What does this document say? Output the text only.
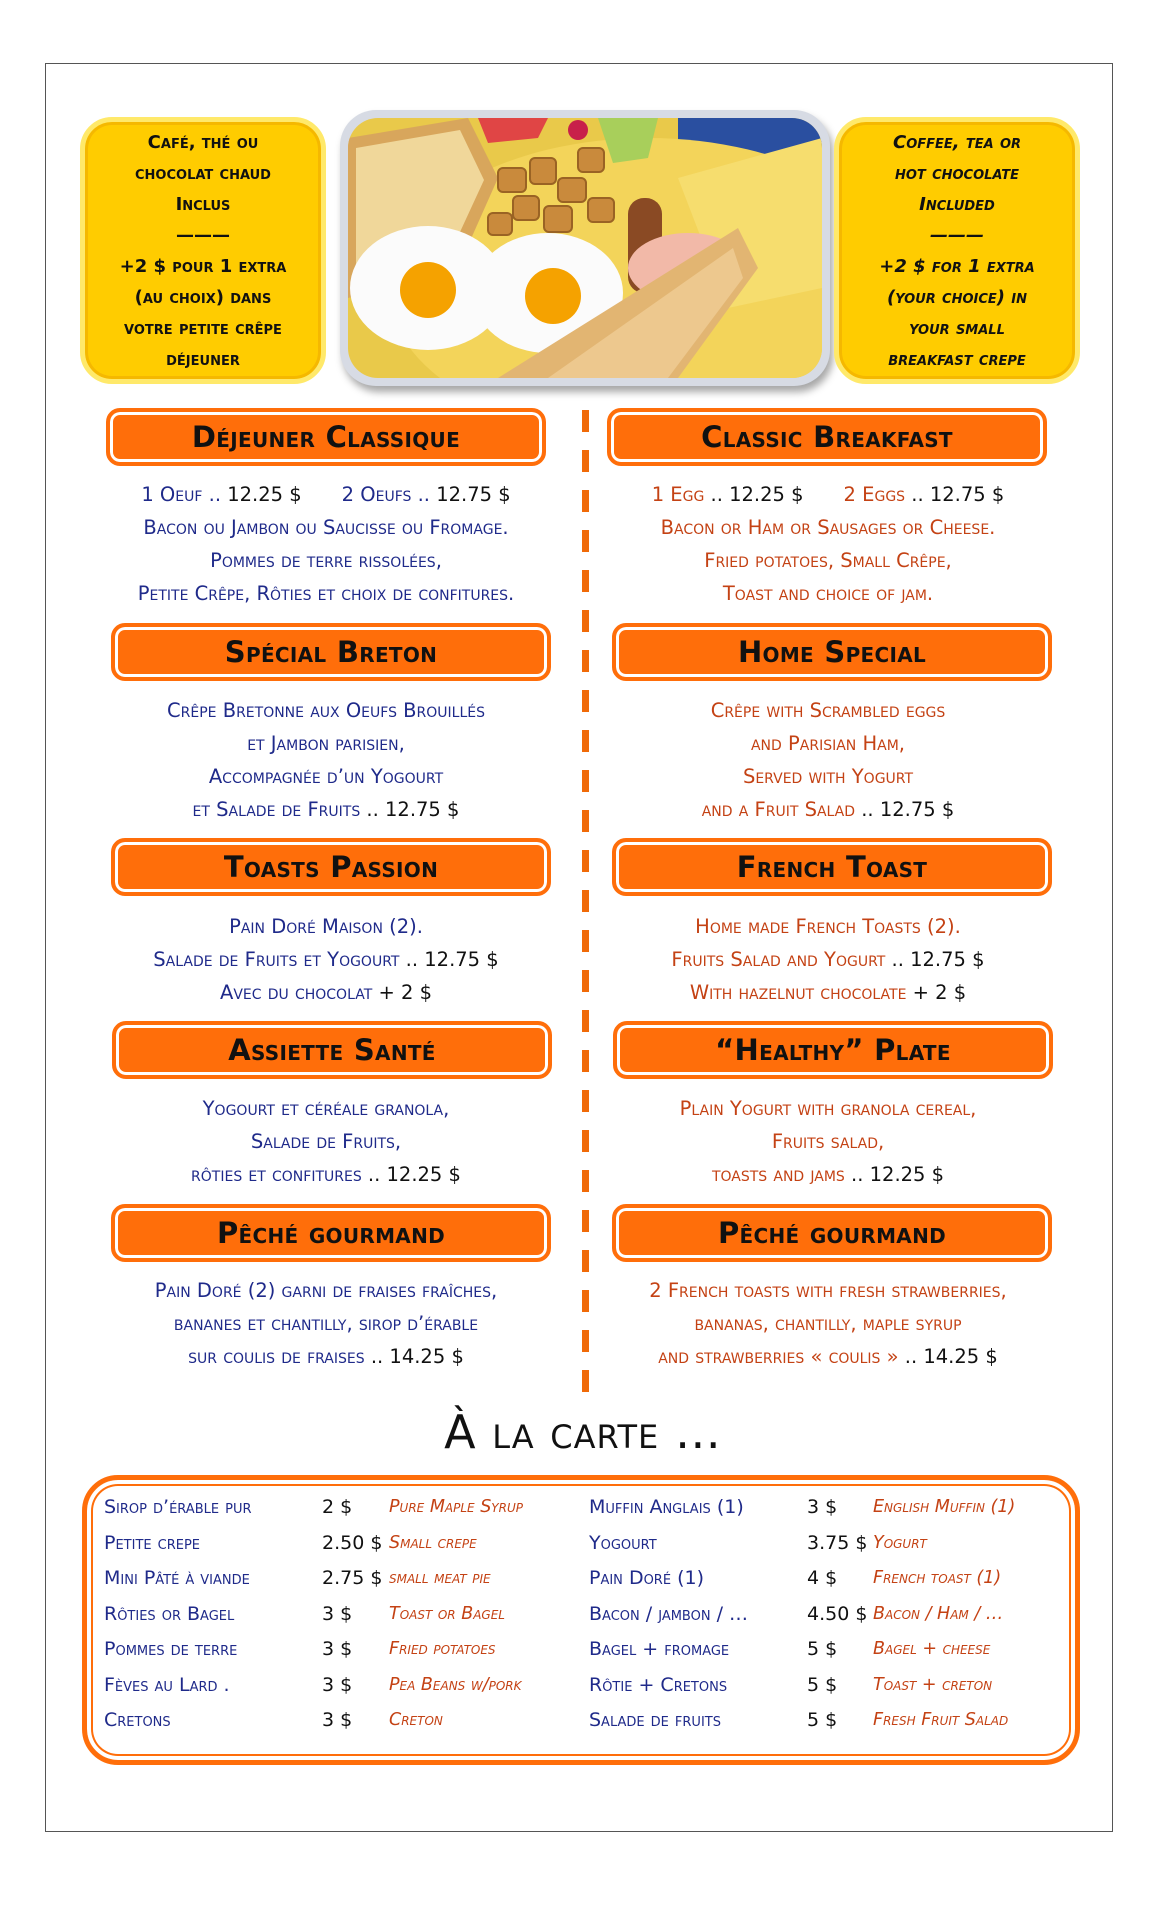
Café, thé ou
chocolat chaud
Inclus
———
+2 $ pour 1 extra
(au choix) dans
votre petite crêpe
déjeuner
Coffee, tea or
hot chocolate
Included
———
+2 $ for 1 extra
(your choice) in
your small
breakfast crepe
Déjeuner Classique	Classic Breakfast
1 Oeuf .. 12.25 $ 2 Oeufs .. 12.75 $
Bacon ou Jambon ou Saucisse ou Fromage.
Pommes de terre rissolées,
Petite Crêpe, Rôties et choix de confitures.
1 Egg .. 12.25 $ 2 Eggs .. 12.75 $
Bacon or Ham or Sausages or Cheese.
Fried potatoes, Small Crêpe,
Toast and choice of jam.
Spécial Breton	Home Special
Crêpe Bretonne aux Oeufs Brouillés
et Jambon parisien,
Accompagnée d’un Yogourt
et Salade de Fruits .. 12.75 $
Crêpe with Scrambled eggs
and Parisian Ham,
Served with Yogurt
and a Fruit Salad .. 12.75 $
Toasts Passion	French Toast
Pain Doré Maison (2).
Salade de Fruits et Yogourt .. 12.75 $
Avec du chocolat + 2 $
Home made French Toasts (2).
Fruits Salad and Yogurt .. 12.75 $
With hazelnut chocolate + 2 $
Assiette Santé	“Healthy” Plate
Yogourt et céréale granola,
Salade de Fruits,
rôties et confitures .. 12.25 $
Plain Yogurt with granola cereal,
Fruits salad,
toasts and jams .. 12.25 $
Pêché gourmand	Pêché gourmand
Pain Doré (2) garni de fraises fraîches,
bananes et chantilly, sirop d’érable
sur coulis de fraises .. 14.25 $
2 French toasts with fresh strawberries,
bananas, chantilly, maple syrup
and strawberries « coulis » .. 14.25 $
À la carte …
Sirop d’érable pur	2 $ Pure Maple Syrup
Petite crepe	2.50 $ Small crepe
Mini Pâté à viande	2.75 $ small meat pie
Rôties or Bagel	3 $ Toast or Bagel
Pommes de terre	3 $ Fried potatoes
Fèves au Lard .	3 $ Pea Beans w/pork
Cretons	3 $ Creton
Muffin Anglais (1)	3 $ English Muffin (1)
Yogourt	3.75 $ Yogurt
Pain Doré (1)	4 $ French toast (1)
Bacon / jambon / …	4.50 $ Bacon / Ham / …
Bagel + fromage	5 $ Bagel + cheese
Rôtie + Cretons	5 $ Toast + creton
Salade de fruits	5 $ Fresh Fruit Salad
